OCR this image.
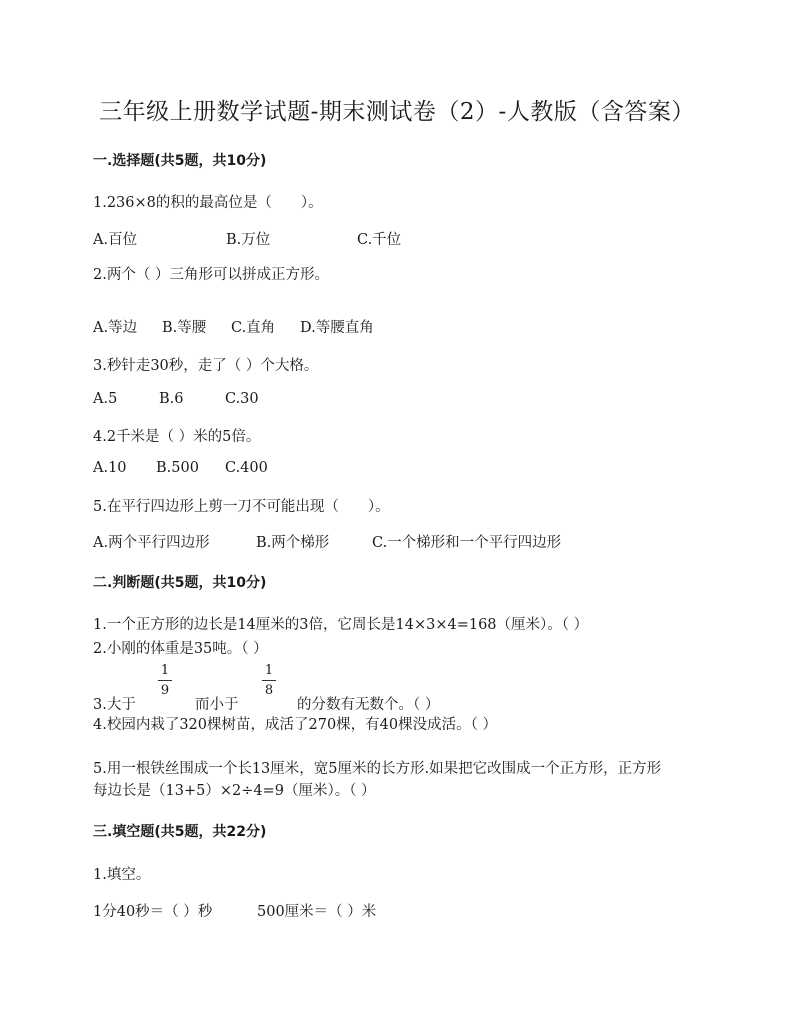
三年级上册数学试题-期末测试卷（2）-人教版（含答案）
一.选择题(共5题，共10分)
1.236×8的积的最高位是（　　）。
A.百位	B.万位	C.千位
2.两个（ ）三角形可以拼成正方形。
A.等边 B.等腰 C.直角 D.等腰直角
3.秒针走30秒，走了（ ）个大格。
A.5	B.6	C.30
4.2千米是（ ）米的5倍。
A.10 B.500 C.400
5.在平行四边形上剪一刀不可能出现（　　）。
A.两个平行四边形	B.两个梯形	C.一个梯形和一个平行四边形
二.判断题(共5题，共10分)
1.一个正方形的边长是14厘米的3倍，它周长是14×3×4=168（厘米）。（ ）
2.小刚的体重是35吨。（ ）
3.大于
1
9
而小于
1
8
的分数有无数个。（ ）
4.校园内栽了320棵树苗，成活了270棵，有40棵没成活。（ ）
5.用一根铁丝围成一个长13厘米，宽5厘米的长方形.如果把它改围成一个正方形，正方形
每边长是（13+5）×2÷4=9（厘米）。（ ）
三.填空题(共5题，共22分)
1.填空。
1分40秒＝（ ）秒	500厘米＝（ ）米
